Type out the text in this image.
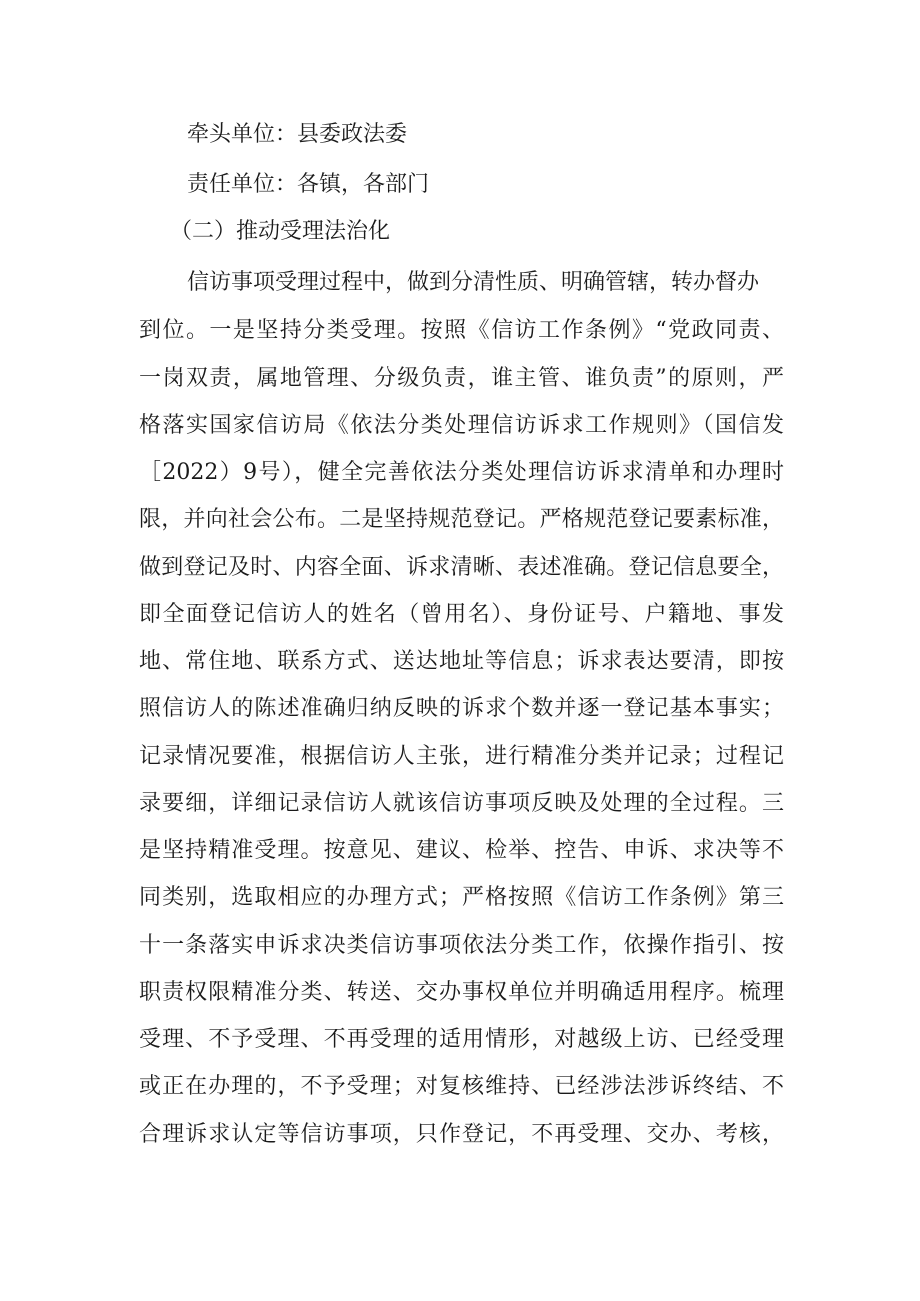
牵头单位：县委政法委
责任单位：各镇，各部门
（二）推动受理法治化
信访事项受理过程中，做到分清性质、明确管辖，转办督办
到位。一是坚持分类受理。按照《信访工作条例》“党政同责、
一岗双责，属地管理、分级负责，谁主管、谁负责”的原则，严
格落实国家信访局《依法分类处理信访诉求工作规则》（国信发
［2022）9号），健全完善依法分类处理信访诉求清单和办理时
限，并向社会公布。二是坚持规范登记。严格规范登记要素标准，
做到登记及时、内容全面、诉求清晰、表述准确。登记信息要全，
即全面登记信访人的姓名（曾用名）、身份证号、户籍地、事发
地、常住地、联系方式、送达地址等信息；诉求表达要清，即按
照信访人的陈述准确归纳反映的诉求个数并逐一登记基本事实；
记录情况要准，根据信访人主张，进行精准分类并记录；过程记
录要细，详细记录信访人就该信访事项反映及处理的全过程。三
是坚持精准受理。按意见、建议、检举、控告、申诉、求决等不
同类别，选取相应的办理方式；严格按照《信访工作条例》第三
十一条落实申诉求决类信访事项依法分类工作，依操作指引、按
职责权限精准分类、转送、交办事权单位并明确适用程序。梳理
受理、不予受理、不再受理的适用情形，对越级上访、已经受理
或正在办理的，不予受理；对复核维持、已经涉法涉诉终结、不
合理诉求认定等信访事项，只作登记，不再受理、交办、考核，
